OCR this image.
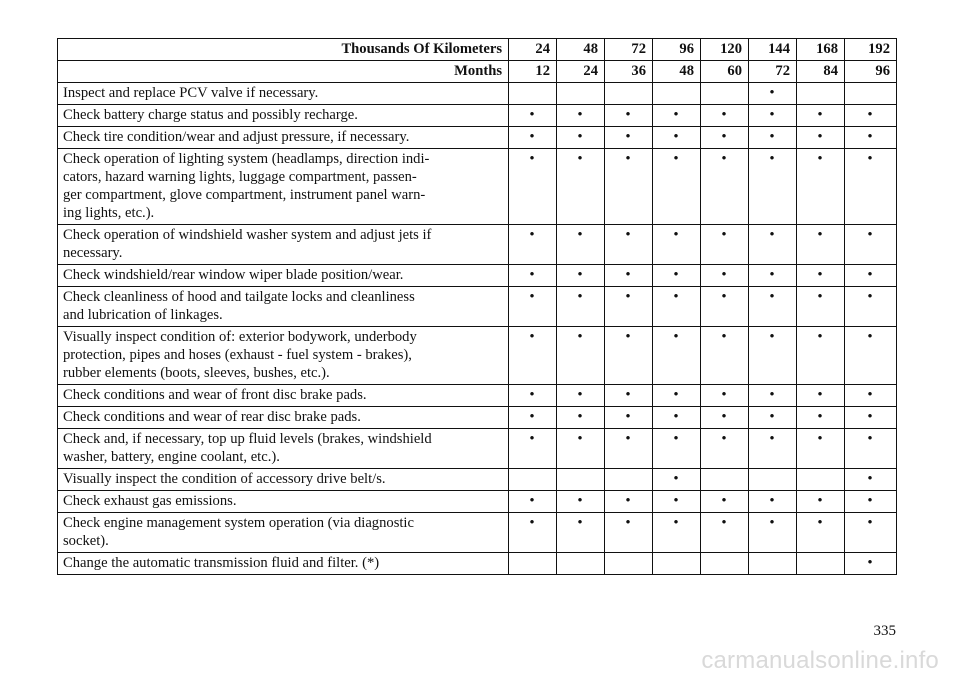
Thousands Of Kilometers	24	48	72	96	120	144	168	192
Months	12	24	36	48	60	72	84	96
Inspect and replace PCV valve if necessary.						•		
Check battery charge status and possibly recharge.	•	•	•	•	•	•	•	•
Check tire condition/wear and adjust pressure, if necessary.	•	•	•	•	•	•	•	•
Check operation of lighting system (headlamps, direction indi-
cators, hazard warning lights, luggage compartment, passen-
ger compartment, glove compartment, instrument panel warn-
ing lights, etc.).	•	•	•	•	•	•	•	•
Check operation of windshield washer system and adjust jets if
necessary.	•	•	•	•	•	•	•	•
Check windshield/rear window wiper blade position/wear.	•	•	•	•	•	•	•	•
Check cleanliness of hood and tailgate locks and cleanliness
and lubrication of linkages.	•	•	•	•	•	•	•	•
Visually inspect condition of: exterior bodywork, underbody
protection, pipes and hoses (exhaust - fuel system - brakes),
rubber elements (boots, sleeves, bushes, etc.).	•	•	•	•	•	•	•	•
Check conditions and wear of front disc brake pads.	•	•	•	•	•	•	•	•
Check conditions and wear of rear disc brake pads.	•	•	•	•	•	•	•	•
Check and, if necessary, top up fluid levels (brakes, windshield
washer, battery, engine coolant, etc.).	•	•	•	•	•	•	•	•
Visually inspect the condition of accessory drive belt/s.				•				•
Check exhaust gas emissions.	•	•	•	•	•	•	•	•
Check engine management system operation (via diagnostic
socket).	•	•	•	•	•	•	•	•
Change the automatic transmission fluid and filter. (*)								•
335
carmanualsonline.info
